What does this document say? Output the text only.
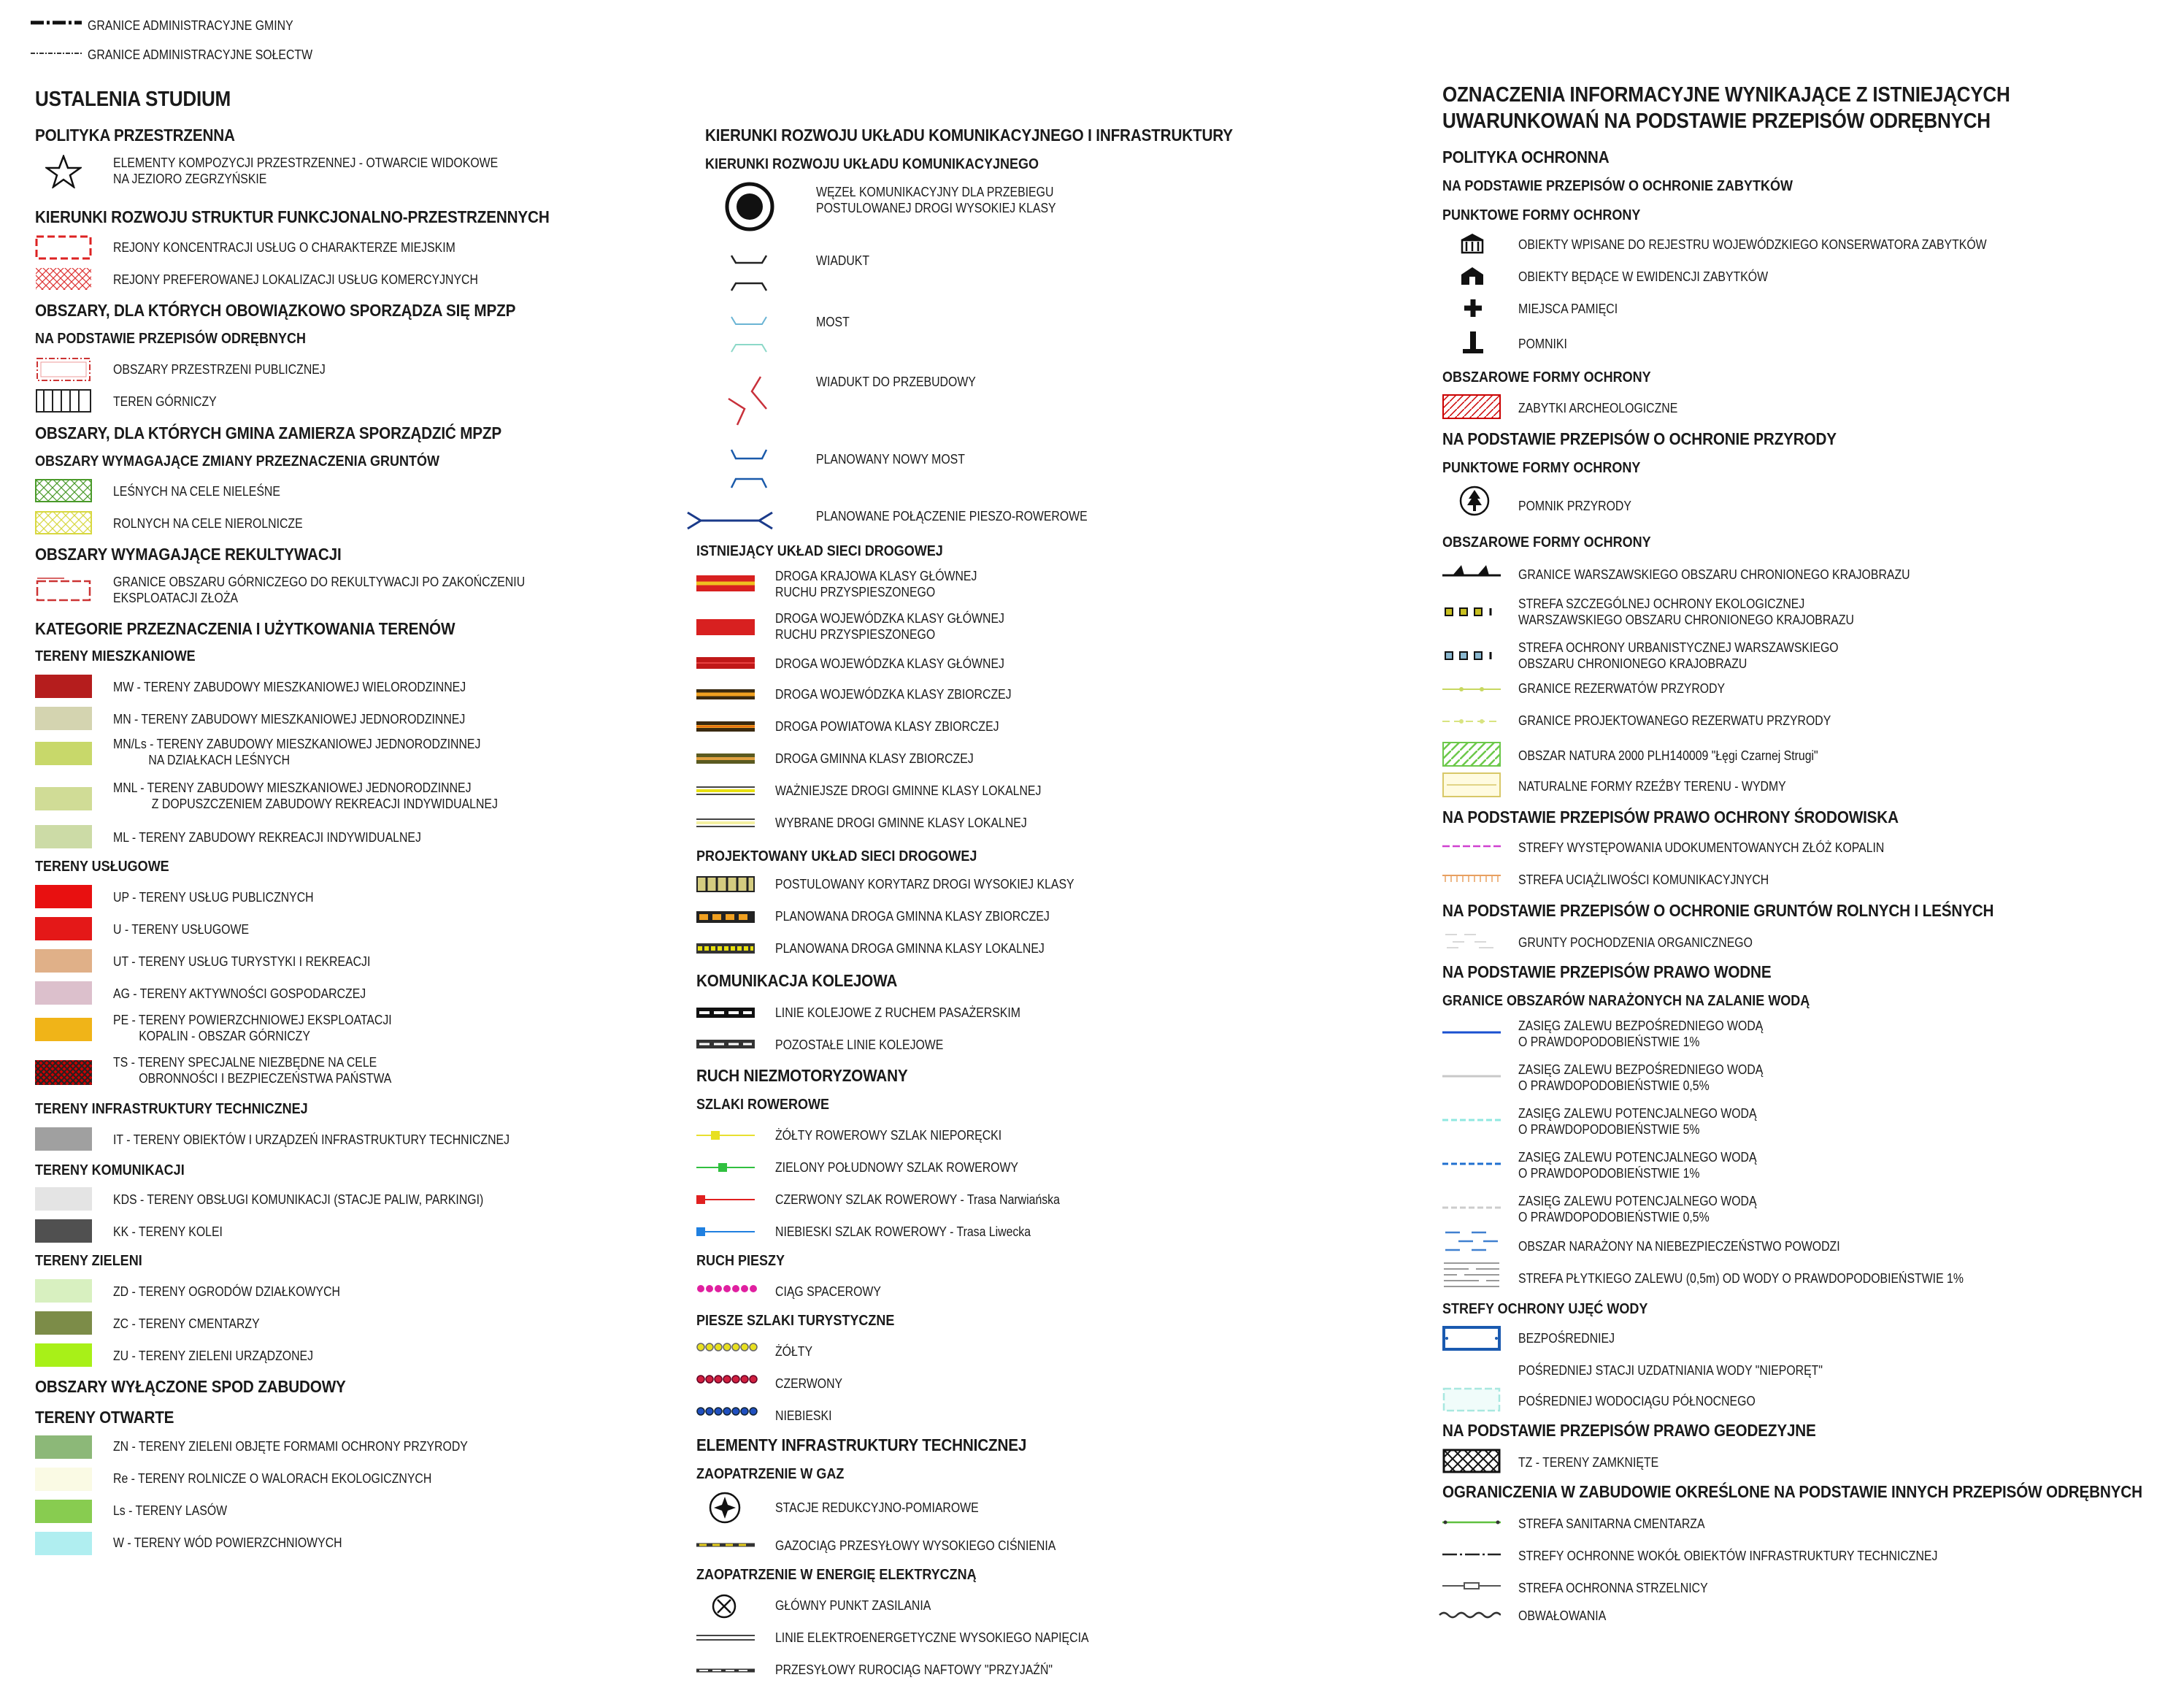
GRANICE ADMINISTRACYJNE GMINY
GRANICE ADMINISTRACYJNE SOŁECTW
USTALENIA STUDIUM
POLITYKA PRZESTRZENNA
ELEMENTY KOMPOZYCJI PRZESTRZENNEJ - OTWARCIE WIDOKOWE
NA JEZIORO ZEGRZYŃSKIE
KIERUNKI ROZWOJU STRUKTUR FUNKCJONALNO-PRZESTRZENNYCH
REJONY KONCENTRACJI USŁUG O CHARAKTERZE MIEJSKIM
REJONY PREFEROWANEJ LOKALIZACJI USŁUG KOMERCYJNYCH
OBSZARY, DLA KTÓRYCH OBOWIĄZKOWO SPORZĄDZA SIĘ MPZP
NA PODSTAWIE PRZEPISÓW ODRĘBNYCH
OBSZARY PRZESTRZENI PUBLICZNEJ
TEREN GÓRNICZY
OBSZARY, DLA KTÓRYCH GMINA ZAMIERZA SPORZĄDZIĆ MPZP
OBSZARY WYMAGAJĄCE ZMIANY PRZEZNACZENIA GRUNTÓW
LEŚNYCH NA CELE NIELEŚNE
ROLNYCH NA CELE NIEROLNICZE
OBSZARY WYMAGAJĄCE REKULTYWACJI
GRANICE OBSZARU GÓRNICZEGO DO REKULTYWACJI PO ZAKOŃCZENIU
EKSPLOATACJI ZŁOŻA
KATEGORIE PRZEZNACZENIA I UŻYTKOWANIA TERENÓW
TERENY MIESZKANIOWE
MW - TERENY ZABUDOWY MIESZKANIOWEJ WIELORODZINNEJ
MN - TERENY ZABUDOWY MIESZKANIOWEJ JEDNORODZINNEJ
MN/Ls - TERENY ZABUDOWY MIESZKANIOWEJ JEDNORODZINNEJ
NA DZIAŁKACH LEŚNYCH
MNL - TERENY ZABUDOWY MIESZKANIOWEJ JEDNORODZINNEJ
Z DOPUSZCZENIEM ZABUDOWY REKREACJI INDYWIDUALNEJ
ML - TERENY ZABUDOWY REKREACJI INDYWIDUALNEJ
TERENY USŁUGOWE
UP - TERENY USŁUG PUBLICZNYCH
U - TERENY USŁUGOWE
UT - TERENY USŁUG TURYSTYKI I REKREACJI
AG - TERENY AKTYWNOŚCI GOSPODARCZEJ
PE - TERENY POWIERZCHNIOWEJ EKSPLOATACJI
KOPALIN - OBSZAR GÓRNICZY
TS - TERENY SPECJALNE NIEZBĘDNE NA CELE
OBRONNOŚCI I BEZPIECZEŃSTWA PAŃSTWA
TERENY INFRASTRUKTURY TECHNICZNEJ
IT - TERENY OBIEKTÓW I URZĄDZEŃ INFRASTRUKTURY TECHNICZNEJ
TERENY KOMUNIKACJI
KDS - TERENY OBSŁUGI KOMUNIKACJI (STACJE PALIW, PARKINGI)
KK - TERENY KOLEI
TERENY ZIELENI
ZD - TERENY OGRODÓW DZIAŁKOWYCH
ZC - TERENY CMENTARZY
ZU - TERENY ZIELENI URZĄDZONEJ
OBSZARY WYŁĄCZONE SPOD ZABUDOWY
TERENY OTWARTE
ZN - TERENY ZIELENI OBJĘTE FORMAMI OCHRONY PRZYRODY
Re - TERENY ROLNICZE O WALORACH EKOLOGICZNYCH
Ls - TERENY LASÓW
W - TERENY WÓD POWIERZCHNIOWYCH
KIERUNKI ROZWOJU UKŁADU KOMUNIKACYJNEGO I INFRASTRUKTURY
KIERUNKI ROZWOJU UKŁADU KOMUNIKACYJNEGO
WĘZEŁ KOMUNIKACYJNY DLA PRZEBIEGU
POSTULOWANEJ DROGI WYSOKIEJ KLASY
WIADUKT
MOST
WIADUKT DO PRZEBUDOWY
PLANOWANY NOWY MOST
PLANOWANE POŁĄCZENIE PIESZO-ROWEROWE
ISTNIEJĄCY UKŁAD SIECI DROGOWEJ
DROGA KRAJOWA KLASY GŁÓWNEJ
RUCHU PRZYSPIESZONEGO
DROGA WOJEWÓDZKA KLASY GŁÓWNEJ
RUCHU PRZYSPIESZONEGO
DROGA WOJEWÓDZKA KLASY GŁÓWNEJ
DROGA WOJEWÓDZKA KLASY ZBIORCZEJ
DROGA POWIATOWA KLASY ZBIORCZEJ
DROGA GMINNA KLASY ZBIORCZEJ
WAŻNIEJSZE DROGI GMINNE KLASY LOKALNEJ
WYBRANE DROGI GMINNE KLASY LOKALNEJ
PROJEKTOWANY UKŁAD SIECI DROGOWEJ
POSTULOWANY KORYTARZ DROGI WYSOKIEJ KLASY
PLANOWANA DROGA GMINNA KLASY ZBIORCZEJ
PLANOWANA DROGA GMINNA KLASY LOKALNEJ
KOMUNIKACJA KOLEJOWA
LINIE KOLEJOWE Z RUCHEM PASAŻERSKIM
POZOSTAŁE LINIE KOLEJOWE
RUCH NIEZMOTORYZOWANY
SZLAKI ROWEROWE
ŻÓŁTY ROWEROWY SZLAK NIEPORĘCKI
ZIELONY POŁUDNOWY SZLAK ROWEROWY
CZERWONY SZLAK ROWEROWY - Trasa Narwiańska
NIEBIESKI SZLAK ROWEROWY - Trasa Liwecka
RUCH PIESZY
CIĄG SPACEROWY
PIESZE SZLAKI TURYSTYCZNE
ŻÓŁTY
CZERWONY
NIEBIESKI
ELEMENTY INFRASTRUKTURY TECHNICZNEJ
ZAOPATRZENIE W GAZ
STACJE REDUKCYJNO-POMIAROWE
GAZOCIĄG PRZESYŁOWY WYSOKIEGO CIŚNIENIA
ZAOPATRZENIE W ENERGIĘ ELEKTRYCZNĄ
GŁÓWNY PUNKT ZASILANIA
LINIE ELEKTROENERGETYCZNE WYSOKIEGO NAPIĘCIA
PRZESYŁOWY RUROCIĄG NAFTOWY "PRZYJAŹŃ"
OZNACZENIA INFORMACYJNE WYNIKAJĄCE Z ISTNIEJĄCYCH
UWARUNKOWAŃ NA PODSTAWIE PRZEPISÓW ODRĘBNYCH
POLITYKA OCHRONNA
NA PODSTAWIE PRZEPISÓW O OCHRONIE ZABYTKÓW
PUNKTOWE FORMY OCHRONY
OBIEKTY WPISANE DO REJESTRU WOJEWÓDZKIEGO KONSERWATORA ZABYTKÓW
OBIEKTY BĘDĄCE W EWIDENCJI ZABYTKÓW
MIEJSCA PAMIĘCI
POMNIKI
OBSZAROWE FORMY OCHRONY
ZABYTKI ARCHEOLOGICZNE
NA PODSTAWIE PRZEPISÓW O OCHRONIE PRZYRODY
PUNKTOWE FORMY OCHRONY
POMNIK PRZYRODY
OBSZAROWE FORMY OCHRONY
GRANICE WARSZAWSKIEGO OBSZARU CHRONIONEGO KRAJOBRAZU
STREFA SZCZEGÓLNEJ OCHRONY EKOLOGICZNEJ
WARSZAWSKIEGO OBSZARU CHRONIONEGO KRAJOBRAZU
STREFA OCHRONY URBANISTYCZNEJ WARSZAWSKIEGO
OBSZARU CHRONIONEGO KRAJOBRAZU
GRANICE REZERWATÓW PRZYRODY
GRANICE PROJEKTOWANEGO REZERWATU PRZYRODY
OBSZAR NATURA 2000 PLH140009 "Łęgi Czarnej Strugi"
NATURALNE FORMY RZEŹBY TERENU - WYDMY
NA PODSTAWIE PRZEPISÓW PRAWO OCHRONY ŚRODOWISKA
STREFY WYSTĘPOWANIA UDOKUMENTOWANYCH ZŁÓŻ KOPALIN
STREFA UCIĄŻLIWOŚCI KOMUNIKACYJNYCH
NA PODSTAWIE PRZEPISÓW O OCHRONIE GRUNTÓW ROLNYCH I LEŚNYCH
GRUNTY POCHODZENIA ORGANICZNEGO
NA PODSTAWIE PRZEPISÓW PRAWO WODNE
GRANICE OBSZARÓW NARAŻONYCH NA ZALANIE WODĄ
ZASIĘG ZALEWU BEZPOŚREDNIEGO WODĄ
O PRAWDOPODOBIEŃSTWIE 1%
ZASIĘG ZALEWU BEZPOŚREDNIEGO WODĄ
O PRAWDOPODOBIEŃSTWIE 0,5%
ZASIĘG ZALEWU POTENCJALNEGO WODĄ
O PRAWDOPODOBIEŃSTWIE 5%
ZASIĘG ZALEWU POTENCJALNEGO WODĄ
O PRAWDOPODOBIEŃSTWIE 1%
ZASIĘG ZALEWU POTENCJALNEGO WODĄ
O PRAWDOPODOBIEŃSTWIE 0,5%
OBSZAR NARAŻONY NA NIEBEZPIECZEŃSTWO POWODZI
STREFA PŁYTKIEGO ZALEWU (0,5m) OD WODY O PRAWDOPODOBIEŃSTWIE 1%
STREFY OCHRONY UJĘĆ WODY
BEZPOŚREDNIEJ
POŚREDNIEJ STACJI UZDATNIANIA WODY "NIEPORĘT"
POŚREDNIEJ WODOCIĄGU PÓŁNOCNEGO
NA PODSTAWIE PRZEPISÓW PRAWO GEODEZYJNE
TZ - TERENY ZAMKNIĘTE
OGRANICZENIA W ZABUDOWIE OKREŚLONE NA PODSTAWIE INNYCH PRZEPISÓW ODRĘBNYCH
STREFA SANITARNA CMENTARZA
STREFY OCHRONNE WOKÓŁ OBIEKTÓW INFRASTRUKTURY TECHNICZNEJ
STREFA OCHRONNA STRZELNICY
OBWAŁOWANIA
